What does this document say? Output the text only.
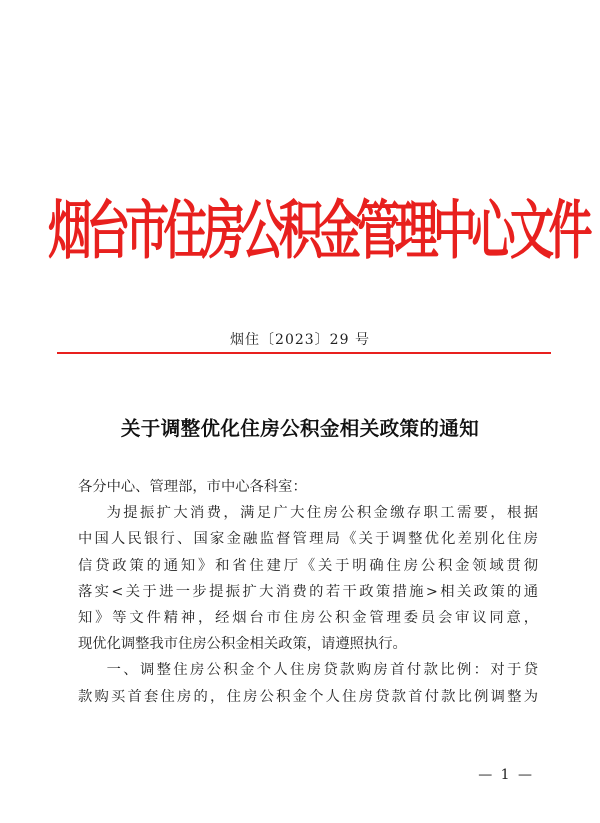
烟台市住房公积金管理中心文件
烟住〔2023〕29 号
关于调整优化住房公积金相关政策的通知

各分中心、管理部，市中心各科室：

为提振扩大消费，满足广大住房公积金缴存职工需要，根据

中国人民银行、国家金融监督管理局《关于调整优化差别化住房

信贷政策的通知》和省住建厅《关于明确住房公积金领域贯彻

落实<关于进一步提振扩大消费的若干政策措施>相关政策的通

知》等文件精神，经烟台市住房公积金管理委员会审议同意，

现优化调整我市住房公积金相关政策，请遵照执行。

一、调整住房公积金个人住房贷款购房首付款比例：对于贷

款购买首套住房的，住房公积金个人住房贷款首付款比例调整为

— 1 —
